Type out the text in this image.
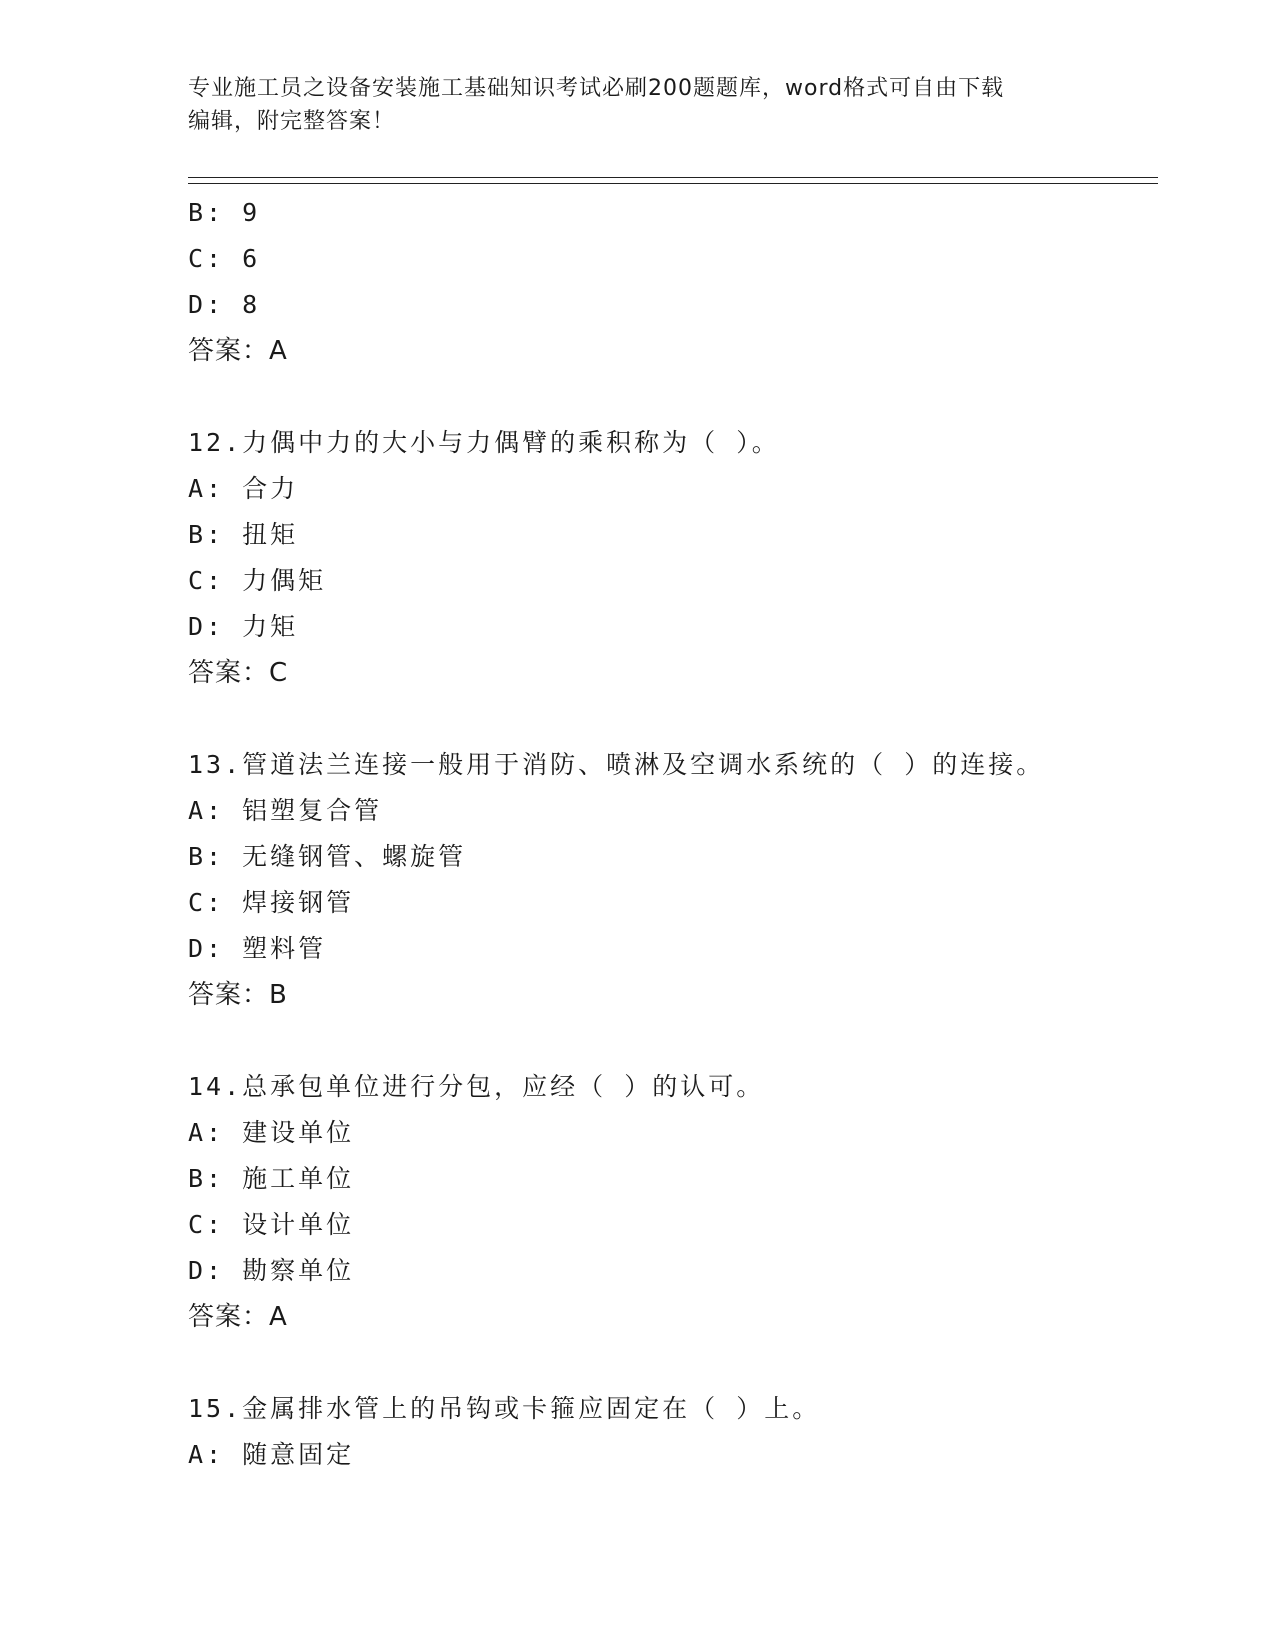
专业施工员之设备安装施工基础知识考试必刷200题题库，word格式可自由下载
编辑，附完整答案！
B: 9
C: 6
D: 8
答案：A
12.力偶中力的大小与力偶臂的乘积称为（ ）。
A: 合力
B: 扭矩
C: 力偶矩
D: 力矩
答案：C
13.管道法兰连接一般用于消防、喷淋及空调水系统的（ ）的连接。
A: 铝塑复合管
B: 无缝钢管、螺旋管
C: 焊接钢管
D: 塑料管
答案：B
14.总承包单位进行分包，应经（ ）的认可。
A: 建设单位
B: 施工单位
C: 设计单位
D: 勘察单位
答案：A
15.金属排水管上的吊钩或卡箍应固定在（ ）上。
A: 随意固定
